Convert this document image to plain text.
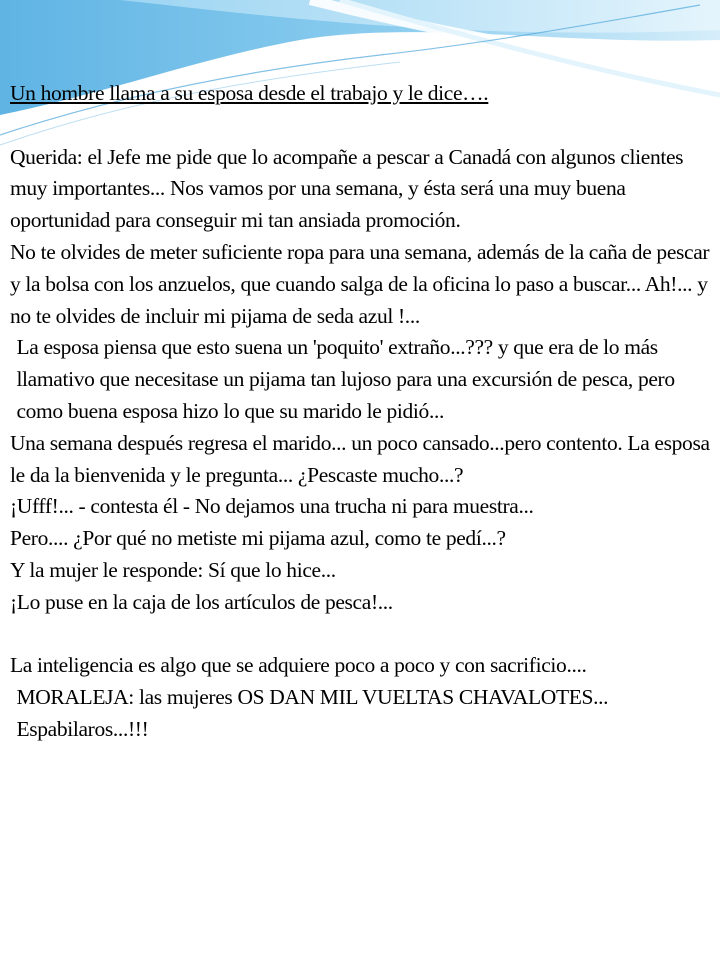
Un hombre llama a su esposa desde el trabajo y le dice….

Querida: el Jefe me pide que lo acompañe a pescar a Canadá con algunos clientes muy importantes... Nos vamos por una semana, y ésta será una muy buena oportunidad para conseguir mi tan ansiada promoción.

No te olvides de meter suficiente ropa para una semana, además de la caña de pescar y la bolsa con los anzuelos, que cuando salga de la oficina lo paso a buscar... Ah!... y no te olvides de incluir mi pijama de seda azul !...

La esposa piensa que esto suena un 'poquito' extraño...??? y que era de lo más llamativo que necesitase un pijama tan lujoso para una excursión de pesca, pero como buena esposa hizo lo que su marido le pidió...

Una semana después regresa el marido... un poco cansado...pero contento. La esposa le da la bienvenida y le pregunta... ¿Pescaste mucho...?

¡Ufff!... - contesta él - No dejamos una trucha ni para muestra...

Pero.... ¿Por qué no metiste mi pijama azul, como te pedí...?

Y la mujer le responde: Sí que lo hice...

¡Lo puse en la caja de los artículos de pesca!...

La inteligencia es algo que se adquiere poco a poco y con sacrificio....

MORALEJA: las mujeres OS DAN MIL VUELTAS CHAVALOTES... Espabilaros...!!!
